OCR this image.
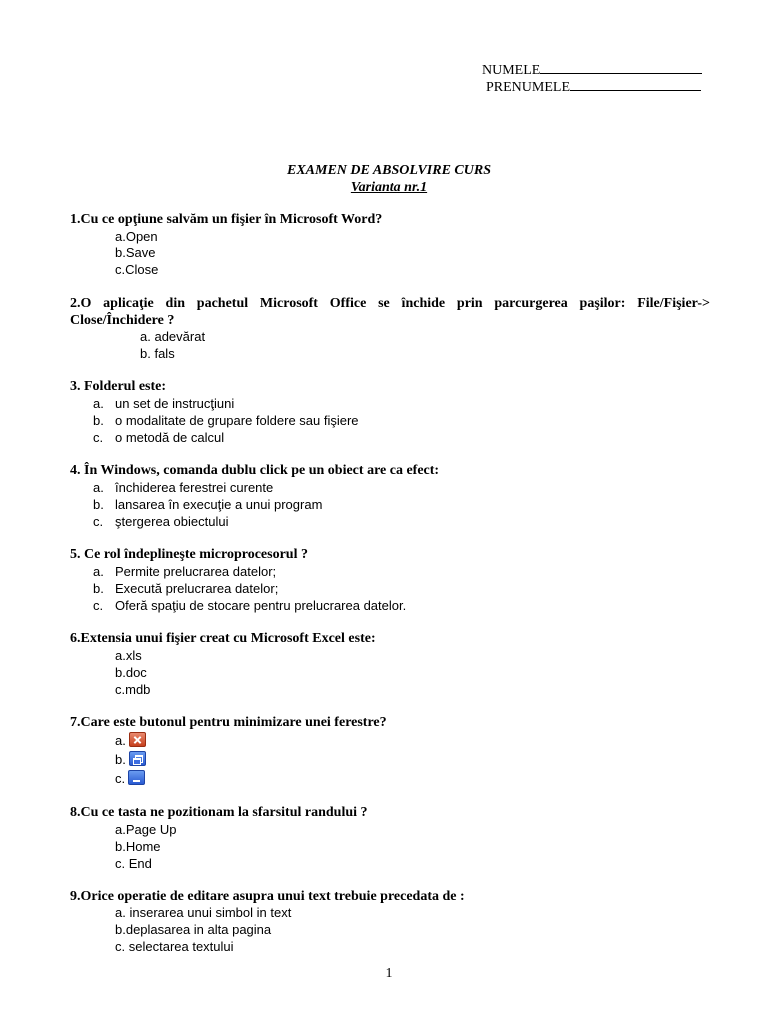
NUMELE
PRENUMELE
EXAMEN DE ABSOLVIRE CURS
Varianta nr.1
1.Cu ce opţiune salvăm un fişier în Microsoft Word?
a.Open
b.Save
c.Close
2.O aplicaţie din pachetul Microsoft Office se închide prin parcurgerea paşilor: File/Fişier->
Close/Închidere ?
a. adevărat
b. fals
3. Folderul este:
a. un set de instrucţiuni
b. o modalitate de grupare foldere sau fişiere
c. o metodă de calcul
4. În Windows, comanda dublu click pe un obiect are ca efect:
a. închiderea ferestrei curente
b. lansarea în execuţie a unui program
c. ştergerea obiectului
5. Ce rol îndeplineşte microprocesorul ?
a. Permite prelucrarea datelor;
b. Execută prelucrarea datelor;
c. Oferă spaţiu de stocare pentru prelucrarea datelor.
6.Extensia unui fişier creat cu Microsoft Excel este:
a.xls
b.doc
c.mdb
7.Care este butonul pentru minimizare unei ferestre?
a.
b.
c.
8.Cu ce tasta ne pozitionam la sfarsitul randului ?
a.Page Up
b.Home
c. End
9.Orice operatie de editare asupra unui text trebuie precedata de :
a. inserarea unui simbol in text
b.deplasarea in alta pagina
c. selectarea textului
1
